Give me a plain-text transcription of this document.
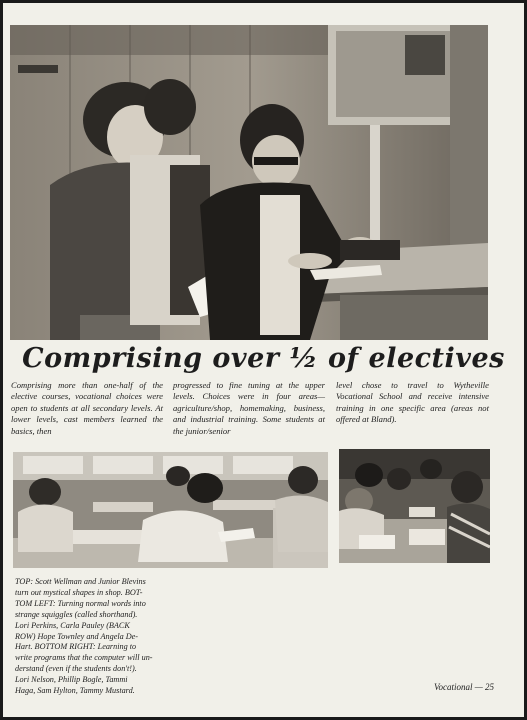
Comprising over ½ of electives

Comprising more than one-half of the elective courses, vocational choices were open to students at all secondary levels. At lower levels, cast members learned the basics, then

progressed to fine tuning at the upper levels. Choices were in four areas—agriculture/shop, homemaking, business, and industrial training. Some students at the junior/senior

level chose to travel to Wytheville Vocational School and receive intensive training in one specific area (areas not offered at Bland).

TOP: Scott Wellman and Junior Blevins
turn out mystical shapes in shop. BOT-
TOM LEFT: Turning normal words into
strange squiggles (called shorthand).
Lori Perkins, Carla Pauley (BACK
ROW) Hope Townley and Angela De-
Hart. BOTTOM RIGHT: Learning to
write programs that the computer will un-
derstand (even if the students don't!).
Lori Nelson, Phillip Bogle, Tammi
Haga, Sam Hylton, Tammy Mustard.	Vocational — 25
